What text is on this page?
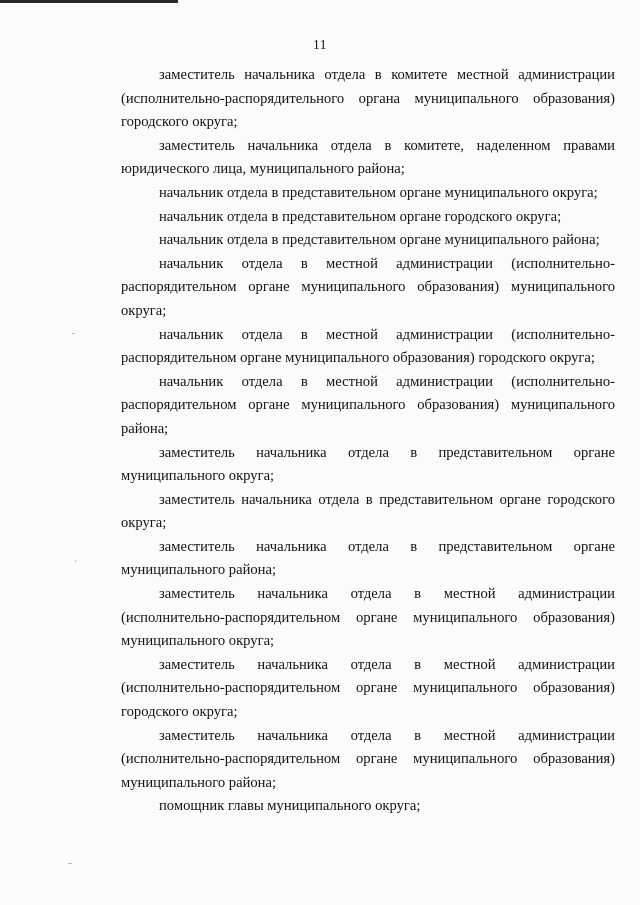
11

заместитель начальника отдела в комитете местной администрации (исполнительно-распорядительного органа муниципального образования) городского округа;

заместитель начальника отдела в комитете, наделенном правами юридического лица, муниципального района;

начальник отдела в представительном органе муниципального округа;

начальник отдела в представительном органе городского округа;

начальник отдела в представительном органе муниципального района;

начальник отдела в местной администрации (исполнительно-распорядительном органе муниципального образования) муниципального округа;

начальник отдела в местной администрации (исполнительно-распорядительном органе муниципального образования) городского округа;

начальник отдела в местной администрации (исполнительно-распорядительном органе муниципального образования) муниципального района;

заместитель начальника отдела в представительном органе муниципального округа;

заместитель начальника отдела в представительном органе городского округа;

заместитель начальника отдела в представительном органе муниципального района;

заместитель начальника отдела в местной администрации (исполнительно-распорядительном органе муниципального образования) муниципального округа;

заместитель начальника отдела в местной администрации (исполнительно-распорядительном органе муниципального образования) городского округа;

заместитель начальника отдела в местной администрации (исполнительно-распорядительном органе муниципального образования) муниципального района;

помощник главы муниципального округа;
